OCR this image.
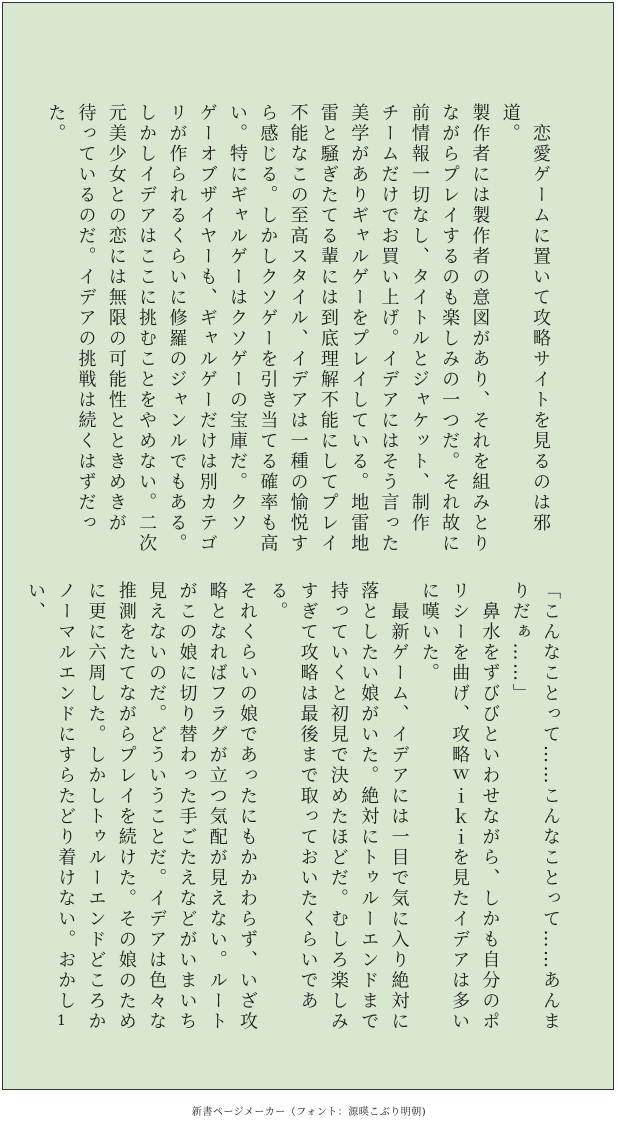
　恋愛ゲームに置いて攻略サイトを見るのは邪道。

製作者には製作者の意図があり、それを組みとり

ながらプレイするのも楽しみの一つだ。それ故に

前情報一切なし、タイトルとジャケット、制作

チームだけでお買い上げ。イデアにはそう言った

美学がありギャルゲーをプレイしている。地雷地

雷と騒ぎたてる輩には到底理解不能にしてプレイ

不能なこの至高スタイル、イデアは一種の愉悦す

ら感じる。しかしクソゲーを引き当てる確率も高

い。特にギャルゲーはクソゲーの宝庫だ。クソ

ゲーオブザイヤーも、ギャルゲーだけは別カテゴ

リが作られるくらいに修羅のジャンルでもある。

しかしイデアはここに挑むことをやめない。二次

元美少女との恋には無限の可能性とときめきが

待っているのだ。イデアの挑戦は続くはずだった。

「こんなことって……こんなことって……あんま

りだぁ……」

　鼻水をずびびといわせながら、しかも自分のポ

リシーを曲げ、攻略ｗｉｋｉを見たイデアは多い

に嘆いた。

　最新ゲーム、イデアには一目で気に入り絶対に

落としたい娘がいた。絶対にトゥルーエンドまで

持っていくと初見で決めたほどだ。むしろ楽しみ

すぎて攻略は最後まで取っておいたくらいである。

それくらいの娘であったにもかかわらず、いざ攻

略となればフラグが立つ気配が見えない。ルート

がこの娘に切り替わった手ごたえなどがいまいち

見えないのだ。どういうことだ。イデアは色々な

推測をたてながらプレイを続けた。その娘のため

に更に六周した。しかしトゥルーエンドどころか

ノーマルエンドにすらたどり着けない。おかしい、

1
新書ページメーカー（フォント：源暎こぶり明朝)
